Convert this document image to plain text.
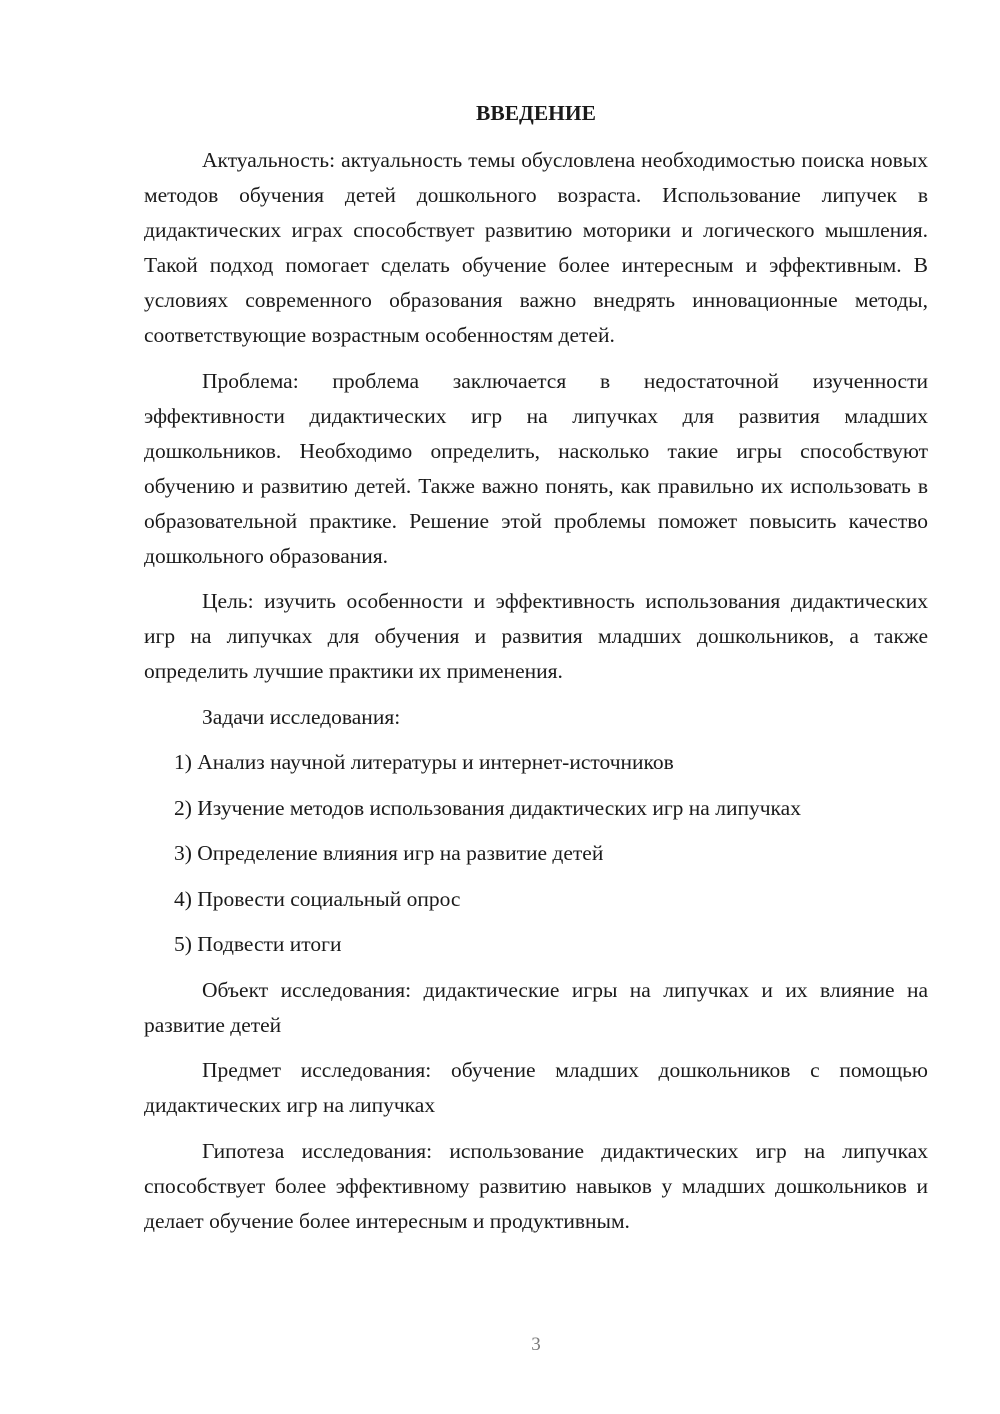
ВВЕДЕНИЕ

Актуальность: актуальность темы обусловлена необходимостью поиска новых методов обучения детей дошкольного возраста. Использование липучек в дидактических играх способствует развитию моторики и логического мышления. Такой подход помогает сделать обучение более интересным и эффективным. В условиях современного образования важно внедрять инновационные методы, соответствующие возрастным особенностям детей.

Проблема: проблема заключается в недостаточной изученности эффективности дидактических игр на липучках для развития младших дошкольников. Необходимо определить, насколько такие игры способствуют обучению и развитию детей. Также важно понять, как правильно их использовать в образовательной практике. Решение этой проблемы поможет повысить качество дошкольного образования.

Цель: изучить особенности и эффективность использования дидактических игр на липучках для обучения и развития младших дошкольников, а также определить лучшие практики их применения.

Задачи исследования:

1) Анализ научной литературы и интернет-источников

2) Изучение методов использования дидактических игр на липучках

3) Определение влияния игр на развитие детей

4) Провести социальный опрос

5) Подвести итоги

Объект исследования: дидактические игры на липучках и их влияние на развитие детей

Предмет исследования: обучение младших дошкольников с помощью дидактических игр на липучках

Гипотеза исследования: использование дидактических игр на липучках способствует более эффективному развитию навыков у младших дошкольников и делает обучение более интересным и продуктивным.

3
